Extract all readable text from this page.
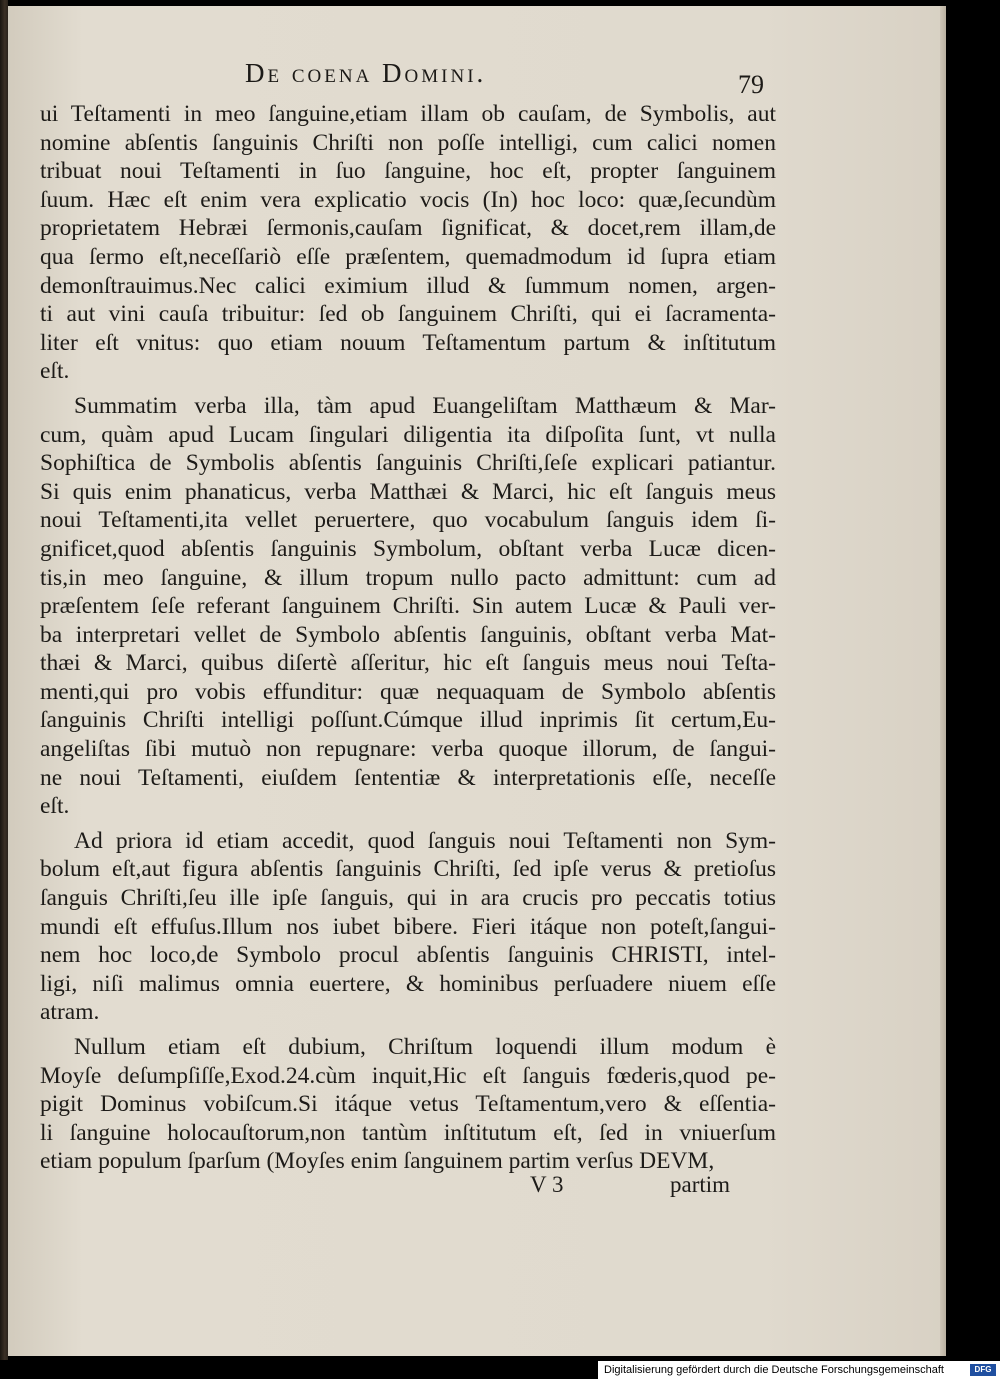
De coena Domini.	79
ui Teſtamenti in meo ſanguine,etiam illam ob cauſam, de Symbolis, aut
nomine abſentis ſanguinis Chriſti non poſſe intelligi, cum calici nomen
tribuat noui Teſtamenti in ſuo ſanguine, hoc eſt, propter ſanguinem
ſuum. Hæc eſt enim vera explicatio vocis (In) hoc loco: quæ,ſecundùm
proprietatem Hebræi ſermonis,cauſam ſignificat, & docet,rem illam,de
qua ſermo eſt,neceſſariò eſſe præſentem, quemadmodum id ſupra etiam
demonſtrauimus.Nec calici eximium illud & ſummum nomen, argen-
ti aut vini cauſa tribuitur: ſed ob ſanguinem Chriſti, qui ei ſacramenta-
liter eſt vnitus: quo etiam nouum Teſtamentum partum & inſtitutum
eſt.
Summatim verba illa, tàm apud Euangeliſtam Matthæum & Mar-
cum, quàm apud Lucam ſingulari diligentia ita diſpoſita ſunt, vt nulla
Sophiſtica de Symbolis abſentis ſanguinis Chriſti,ſeſe explicari patiantur.
Si quis enim phanaticus, verba Matthæi & Marci, hic eſt ſanguis meus
noui Teſtamenti,ita vellet peruertere, quo vocabulum ſanguis idem ſi-
gnificet,quod abſentis ſanguinis Symbolum, obſtant verba Lucæ dicen-
tis,in meo ſanguine, & illum tropum nullo pacto admittunt: cum ad
præſentem ſeſe referant ſanguinem Chriſti. Sin autem Lucæ & Pauli ver-
ba interpretari vellet de Symbolo abſentis ſanguinis, obſtant verba Mat-
thæi & Marci, quibus diſertè aſſeritur, hic eſt ſanguis meus noui Teſta-
menti,qui pro vobis effunditur: quæ nequaquam de Symbolo abſentis
ſanguinis Chriſti intelligi poſſunt.Cúmque illud inprimis ſit certum,Eu-
angeliſtas ſibi mutuò non repugnare: verba quoque illorum, de ſangui-
ne noui Teſtamenti, eiuſdem ſententiæ & interpretationis eſſe, neceſſe
eſt.
Ad priora id etiam accedit, quod ſanguis noui Teſtamenti non Sym-
bolum eſt,aut figura abſentis ſanguinis Chriſti, ſed ipſe verus & pretioſus
ſanguis Chriſti,ſeu ille ipſe ſanguis, qui in ara crucis pro peccatis totius
mundi eſt effuſus.Illum nos iubet bibere. Fieri itáque non poteſt,ſangui-
nem hoc loco,de Symbolo procul abſentis ſanguinis CHRISTI, intel-
ligi, niſi malimus omnia euertere, & hominibus perſuadere niuem eſſe
atram.
Nullum etiam eſt dubium, Chriſtum loquendi illum modum è
Moyſe deſumpſiſſe,Exod.24.cùm inquit,Hic eſt ſanguis fœderis,quod pe-
pigit Dominus vobiſcum.Si itáque vetus Teſtamentum,vero & eſſentia-
li ſanguine holocauſtorum,non tantùm inſtitutum eſt, ſed in vniuerſum
etiam populum ſparſum (Moyſes enim ſanguinem partim verſus DEVM,
V 3	partim
Digitalisierung gefördert durch die Deutsche Forschungsgemeinschaft	DFG
